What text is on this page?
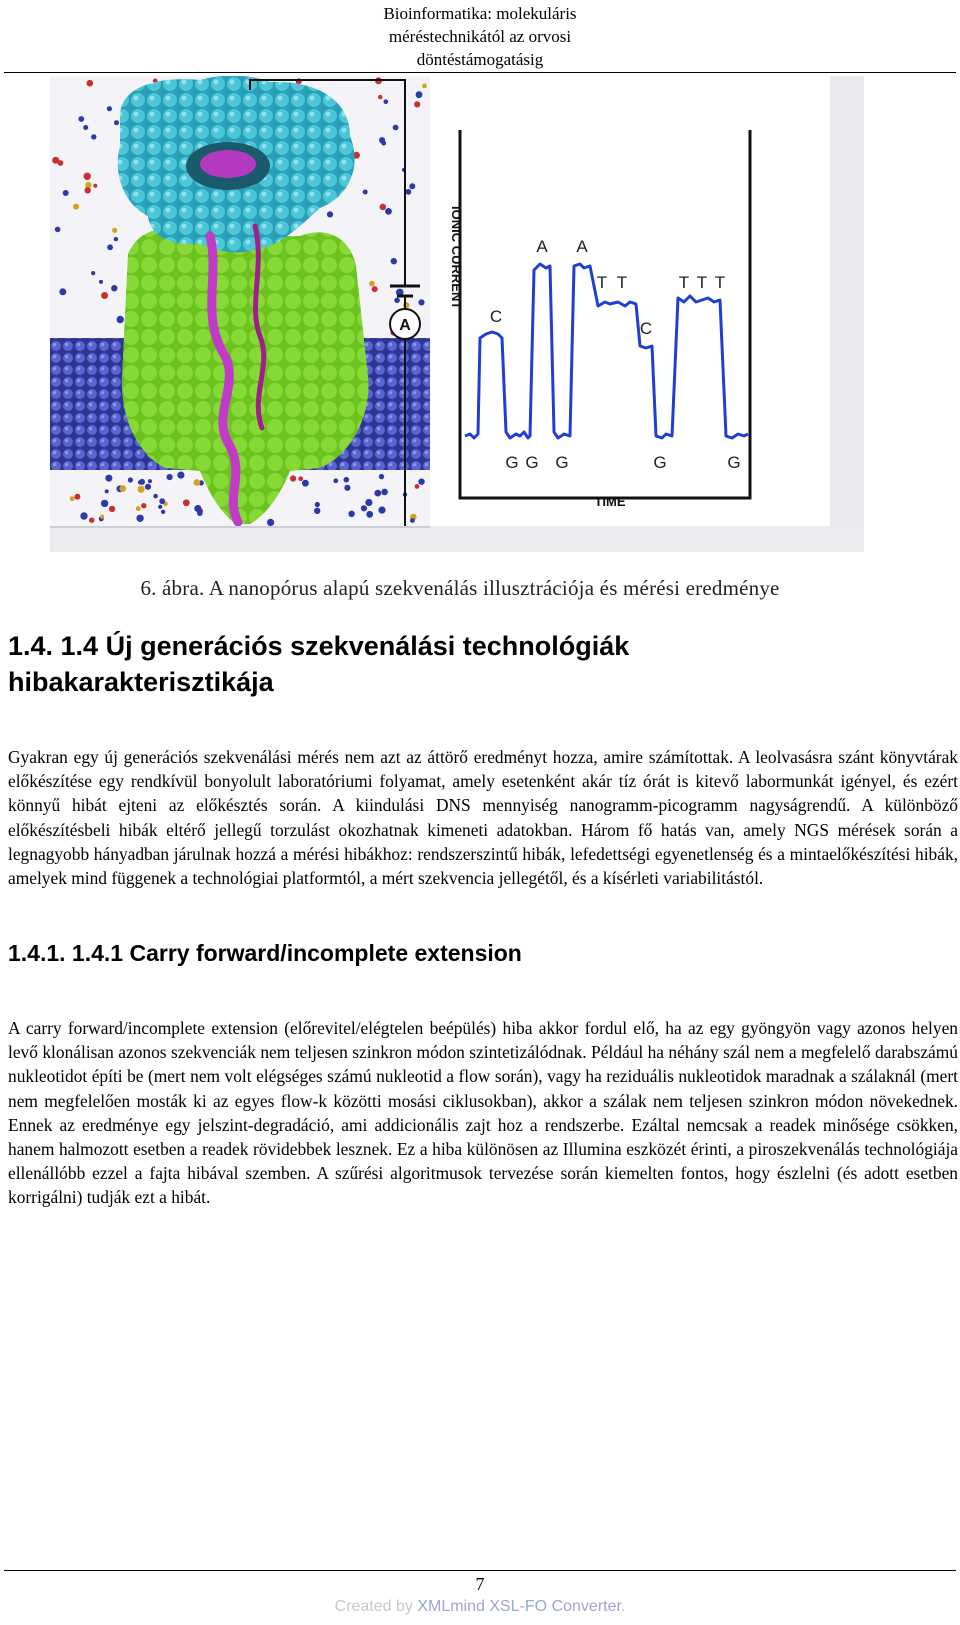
Bioinformatika: molekuláris
méréstechnikától az orvosi
döntéstámogatásig
A
IONIC CURRENT
TIME
C
A A
T T
C
T T T
G G G	G	G
6. ábra. A nanopórus alapú szekvenálás illusztrációja és mérési eredménye
1.4. 1.4 Új generációs szekvenálási technológiák
hibakarakterisztikája
Gyakran egy új generációs szekvenálási mérés nem azt az áttörő eredményt hozza, amire számítottak. A leolvasásra szánt könyvtárak előkészítése egy rendkívül bonyolult laboratóriumi folyamat, amely esetenként akár tíz órát is kitevő labormunkát igényel, és ezért könnyű hibát ejteni az előkésztés során. A kiindulási DNS mennyiség nanogramm-picogramm nagyságrendű. A különböző előkészítésbeli hibák eltérő jellegű torzulást okozhatnak kimeneti adatokban. Három fő hatás van, amely NGS mérések során a legnagyobb hányadban járulnak hozzá a mérési hibákhoz: rendszerszintű hibák, lefedettségi egyenetlenség és a mintaelőkészítési hibák, amelyek mind függenek a technológiai platformtól, a mért szekvencia jellegétől, és a kísérleti variabilitástól.
1.4.1. 1.4.1 Carry forward/incomplete extension
A carry forward/incomplete extension (előrevitel/elégtelen beépülés) hiba akkor fordul elő, ha az egy gyöngyön vagy azonos helyen levő klonálisan azonos szekvenciák nem teljesen szinkron módon szintetizálódnak. Például ha néhány szál nem a megfelelő darabszámú nukleotidot építi be (mert nem volt elégséges számú nukleotid a flow során), vagy ha reziduális nukleotidok maradnak a szálaknál (mert nem megfelelően mosták ki az egyes flow-k közötti mosási ciklusokban), akkor a szálak nem teljesen szinkron módon növekednek. Ennek az eredménye egy jelszint-degradáció, ami addicionális zajt hoz a rendszerbe. Ezáltal nemcsak a readek minősége csökken, hanem halmozott esetben a readek rövidebbek lesznek. Ez a hiba különösen az Illumina eszközét érinti, a piroszekvenálás technológiája ellenállóbb ezzel a fajta hibával szemben. A szűrési algoritmusok tervezése során kiemelten fontos, hogy észlelni (és adott esetben korrigálni) tudják ezt a hibát.
7
Created by XMLmind XSL-FO Converter.
